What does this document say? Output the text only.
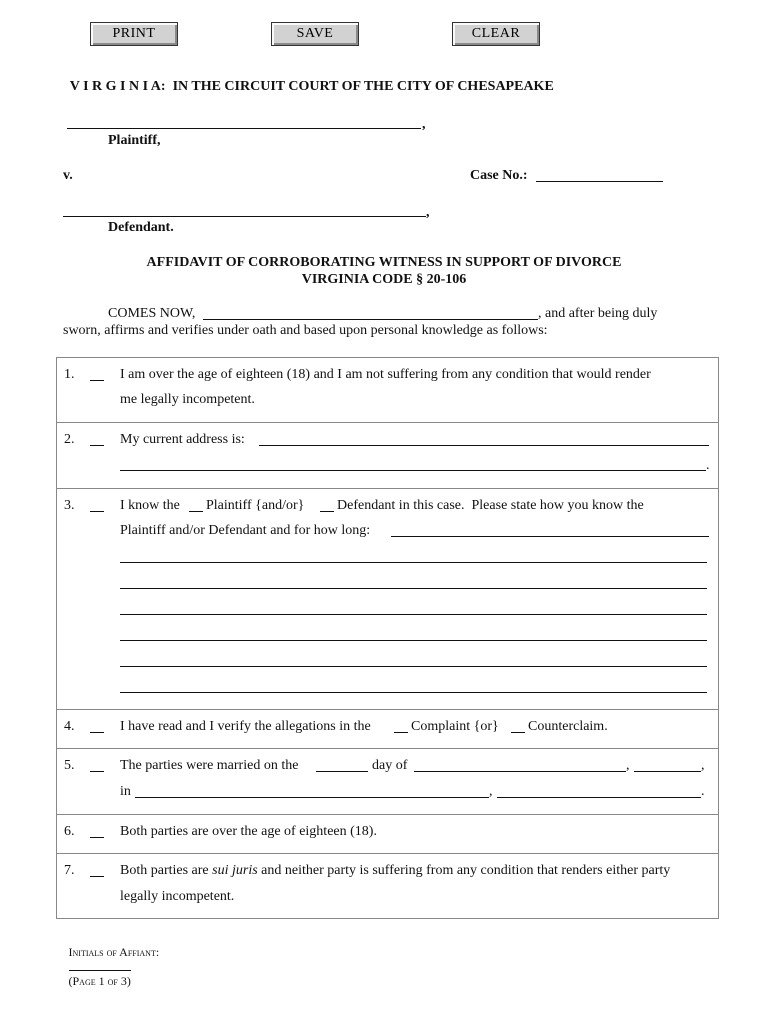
PRINT	SAVE	CLEAR

V I R G I N I A: IN THE CIRCUIT COURT OF THE CITY OF CHESAPEAKE

,
Plaintiff,
v.	Case No.:
,
Defendant.
AFFIDAVIT OF CORROBORATING WITNESS IN SUPPORT OF DIVORCE
VIRGINIA CODE § 20-106
COMES NOW,	, and after being duly
sworn, affirms and verifies under oath and based upon personal knowledge as follows:
1.	I am over the age of eighteen (18) and I am not suffering from any condition that would render
me legally incompetent.

2.	My current address is:
.

3.	I know the Plaintiff {and/or} Defendant in this case.  Please state how you know the
Plaintiff and/or Defendant and for how long:

4.	I have read and I verify the allegations in the	Complaint {or} Counterclaim.

5.	The parties were married on the	day of	,	,
in	,	.

6.	Both parties are over the age of eighteen (18).

7.	Both parties are sui juris and neither party is suffering from any condition that renders either party
legally incompetent.

Initials of Affiant:

(Page 1 of 3)
